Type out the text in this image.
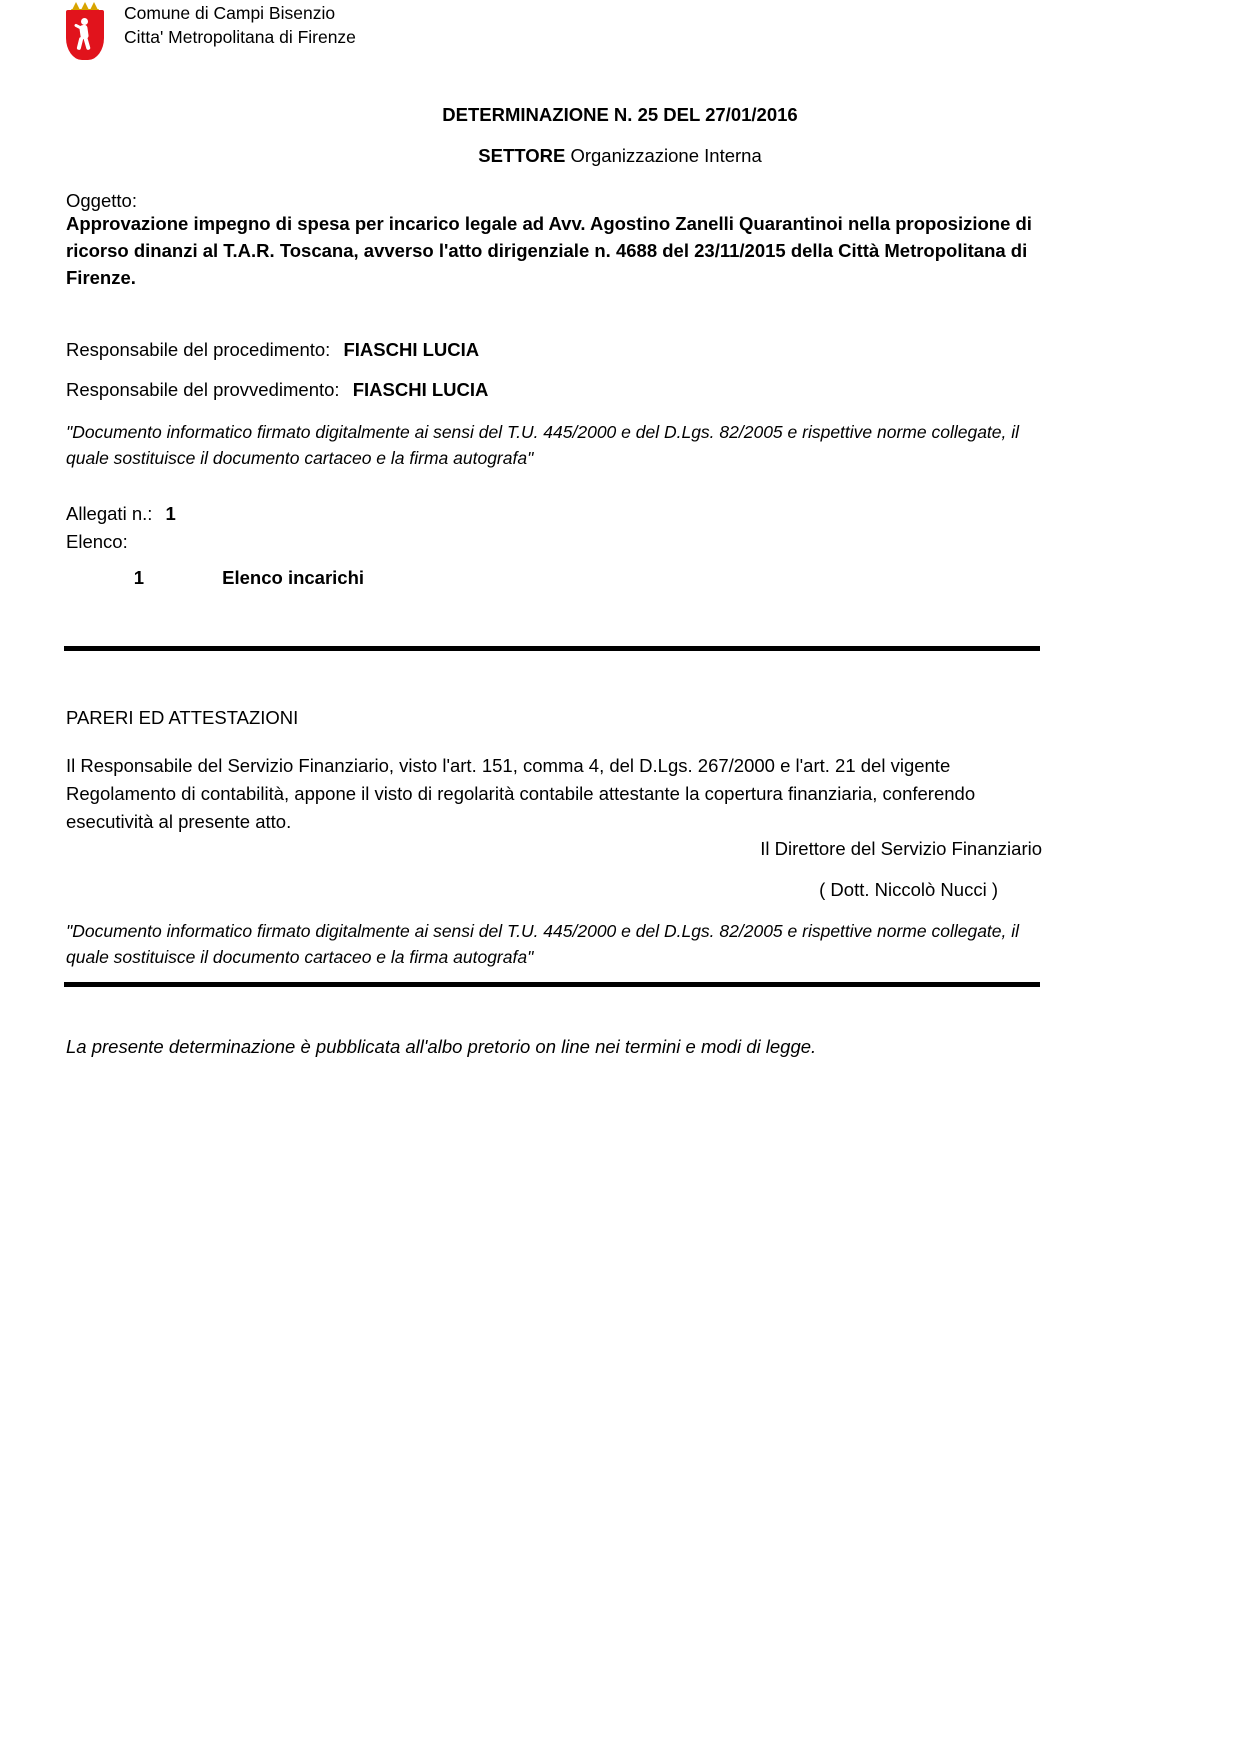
Comune di Campi Bisenzio
Citta' Metropolitana di Firenze
DETERMINAZIONE N. 25 DEL 27/01/2016
SETTORE Organizzazione Interna
Oggetto:
Approvazione impegno di spesa per incarico legale ad Avv. Agostino Zanelli Quarantinoi nella proposizione di ricorso dinanzi al T.A.R. Toscana, avverso l'atto dirigenziale n. 4688 del 23/11/2015 della Città Metropolitana di Firenze.
Responsabile del procedimento: FIASCHI LUCIA
Responsabile del provvedimento: FIASCHI LUCIA
"Documento informatico firmato digitalmente ai sensi del T.U. 445/2000 e del D.Lgs. 82/2005 e rispettive norme collegate, il quale sostituisce il documento cartaceo e la firma autografa"
Allegati n.: 1
Elenco:
1	Elenco incarichi
PARERI ED ATTESTAZIONI
Il Responsabile del Servizio Finanziario, visto l'art. 151, comma 4, del D.Lgs. 267/2000 e l'art. 21 del vigente Regolamento di contabilità, appone il visto di regolarità contabile attestante la copertura finanziaria, conferendo esecutività al presente atto.
Il Direttore del Servizio Finanziario
( Dott. Niccolò Nucci )
"Documento informatico firmato digitalmente ai sensi del T.U. 445/2000 e del D.Lgs. 82/2005 e rispettive norme collegate, il quale sostituisce il documento cartaceo e la firma autografa"
La presente determinazione è pubblicata all'albo pretorio on line nei termini e modi di legge.
